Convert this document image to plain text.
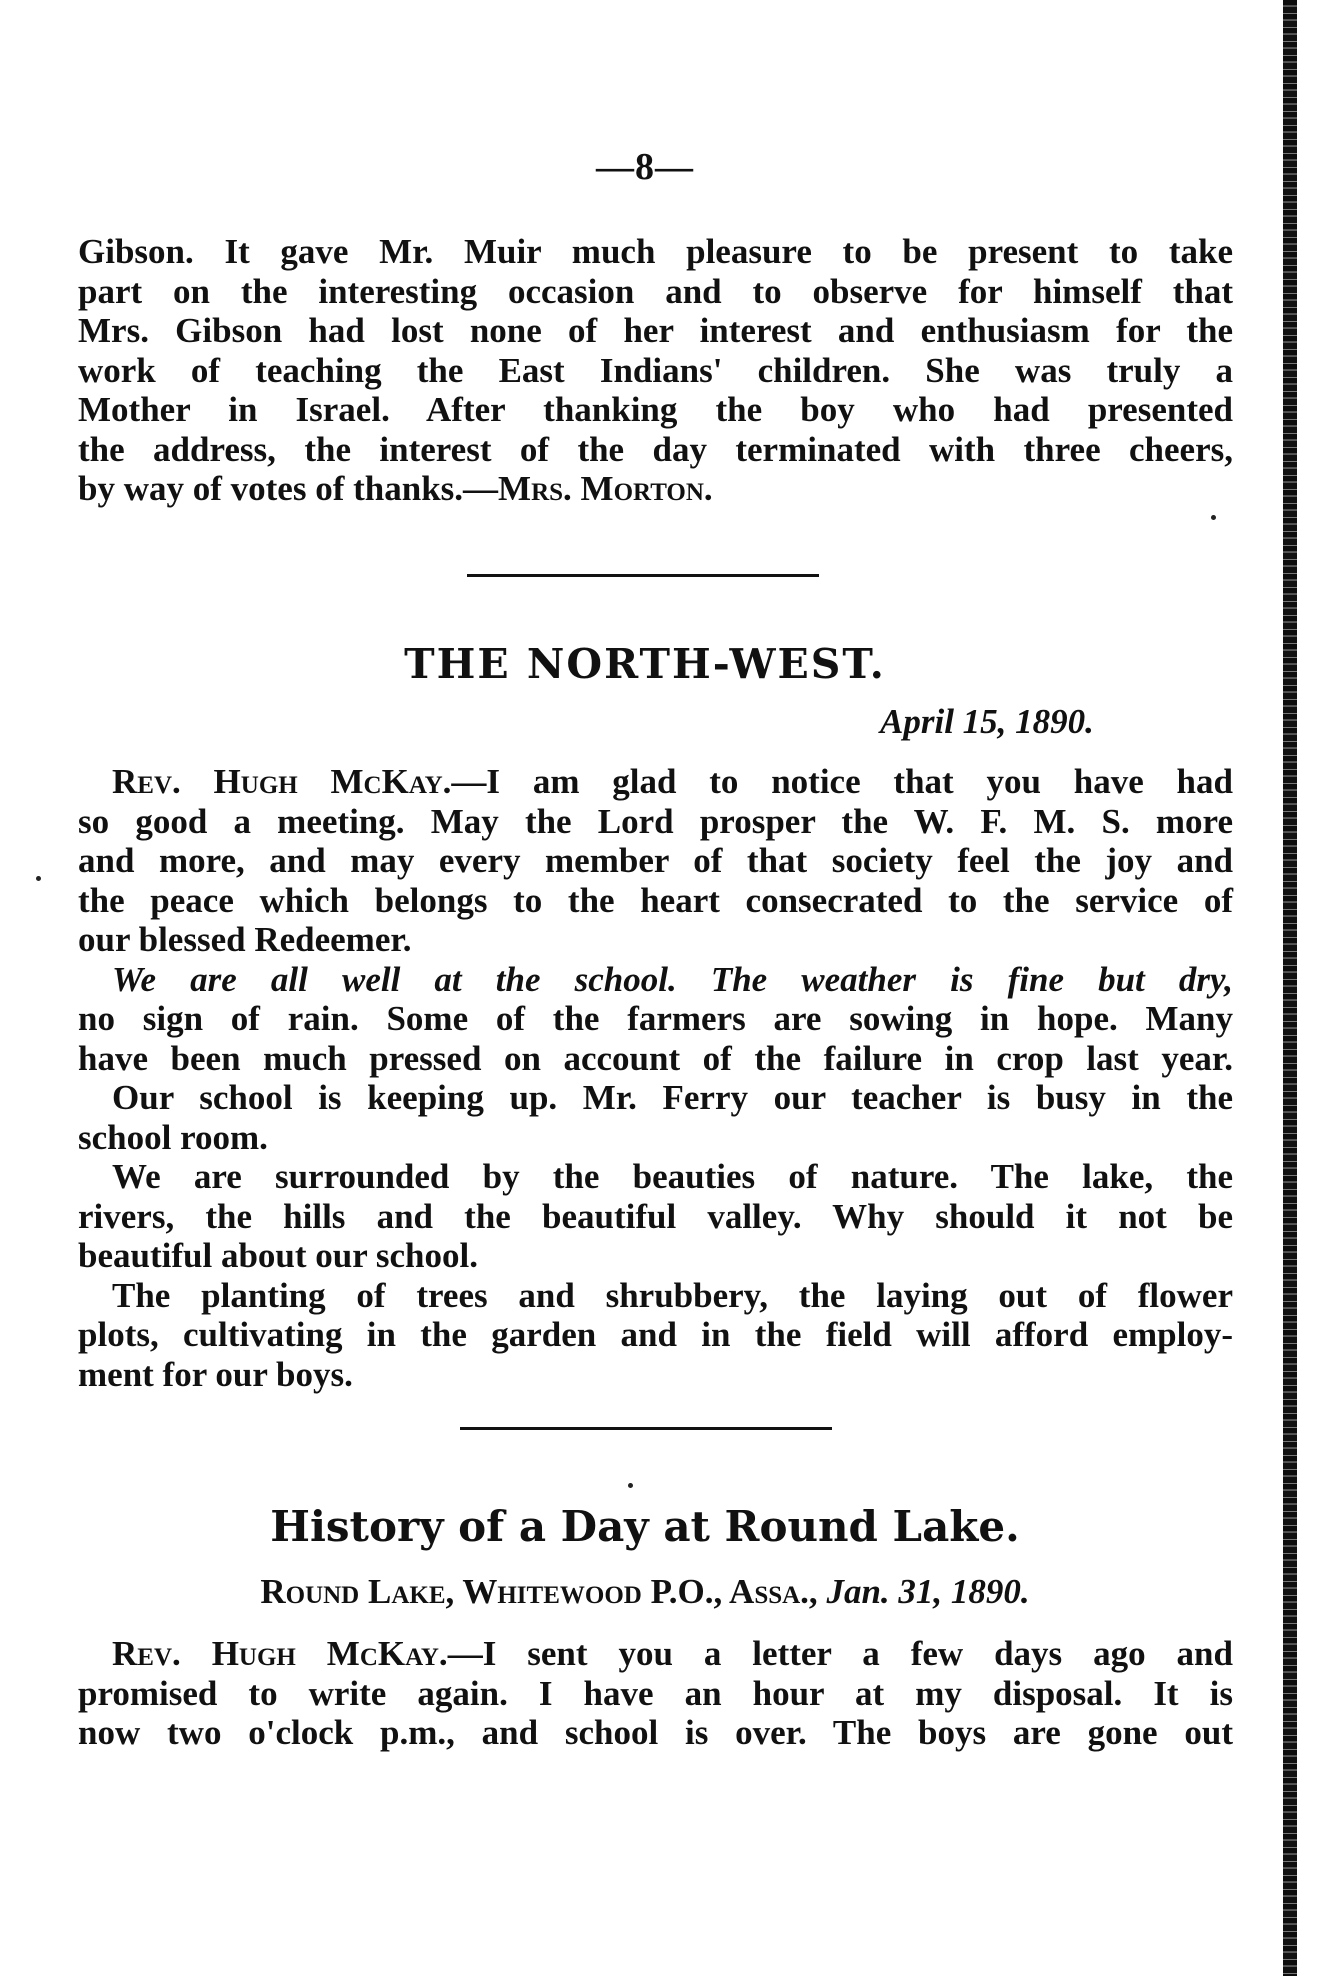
—8—
Gibson. It gave Mr. Muir much pleasure to be present to take
part on the interesting occasion and to observe for himself that
Mrs. Gibson had lost none of her interest and enthusiasm for the
work of teaching the East Indians' children. She was truly a
Mother in Israel. After thanking the boy who had presented
the address, the interest of the day terminated with three cheers,
by way of votes of thanks.—Mrs. Morton.
THE NORTH-WEST.
April 15, 1890.
Rev. Hugh McKay.—I am glad to notice that you have had
so good a meeting. May the Lord prosper the W. F. M. S. more
and more, and may every member of that society feel the joy and
the peace which belongs to the heart consecrated to the service of
our blessed Redeemer.
We are all well at the school. The weather is fine but dry,
no sign of rain. Some of the farmers are sowing in hope. Many
have been much pressed on account of the failure in crop last year.
Our school is keeping up. Mr. Ferry our teacher is busy in the
school room.
We are surrounded by the beauties of nature. The lake, the
rivers, the hills and the beautiful valley. Why should it not be
beautiful about our school.
The planting of trees and shrubbery, the laying out of flower
plots, cultivating in the garden and in the field will afford employ-
ment for our boys.
History of a Day at Round Lake.
Round Lake, Whitewood P.O., Assa., Jan. 31, 1890.
Rev. Hugh McKay.—I sent you a letter a few days ago and
promised to write again. I have an hour at my disposal. It is
now two o'clock p.m., and school is over. The boys are gone out
